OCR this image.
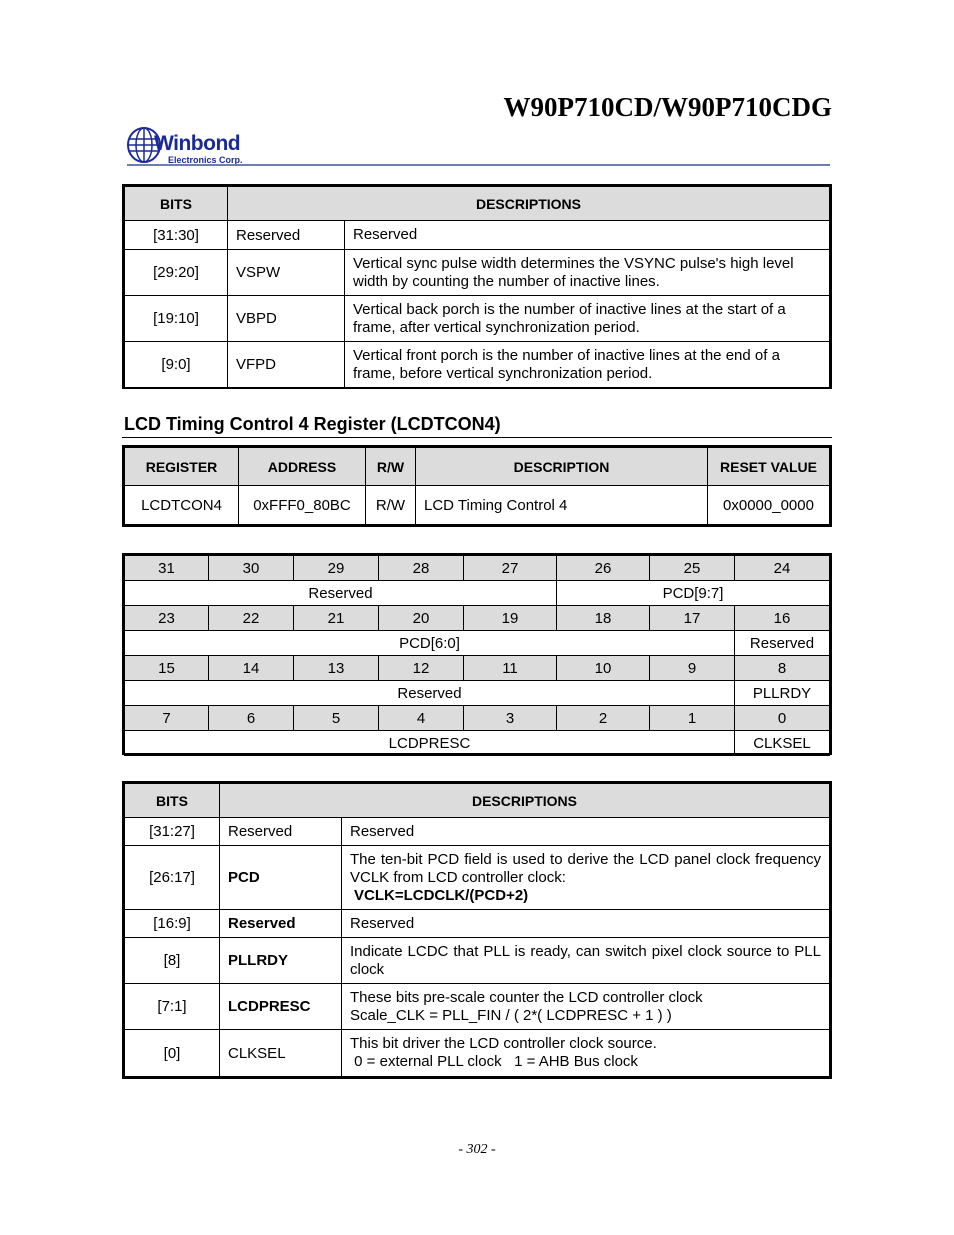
W90P710CD/W90P710CDG
Winbond
Electronics Corp.
BITS	DESCRIPTIONS	
[31:30]	Reserved	Reserved
[29:20]	VSPW	Vertical sync pulse width determines the VSYNC pulse's high level width by counting the number of inactive lines.
[19:10]	VBPD	Vertical back porch is the number of inactive lines at the start of a frame, after vertical synchronization period.
[9:0]	VFPD	Vertical front porch is the number of inactive lines at the end of a frame, before vertical synchronization period.
LCD Timing Control 4 Register (LCDTCON4)
REGISTER	ADDRESS	R/W	DESCRIPTION	RESET VALUE
LCDTCON4	0xFFF0_80BC	R/W	LCD Timing Control 4	0x0000_0000
31	30	29	28	27	26	25	24
Reserved					PCD[9:7]		
23	22	21	20	19	18	17	16
PCD[6:0]							Reserved
15	14	13	12	11	10	9	8
Reserved							PLLRDY
7	6	5	4	3	2	1	0
LCDPRESC							CLKSEL
BITS	DESCRIPTIONS	
[31:27]	Reserved	Reserved
[26:17]	PCD	The ten-bit PCD field is used to derive the LCD panel clock frequency VCLK from LCD controller clock:
VCLK=LCDCLK/(PCD+2)

[16:9]	Reserved	Reserved
[8]	PLLRDY	Indicate LCDC that PLL is ready, can switch pixel clock source to PLL clock
[7:1]	LCDPRESC	These bits pre-scale counter the LCD controller clock
Scale_CLK = PLL_FIN / ( 2*( LCDPRESC + 1 ) )

[0]	CLKSEL	This bit driver the LCD controller clock source.
0 = external PLL clock   1 = AHB Bus clock
- 302 -
